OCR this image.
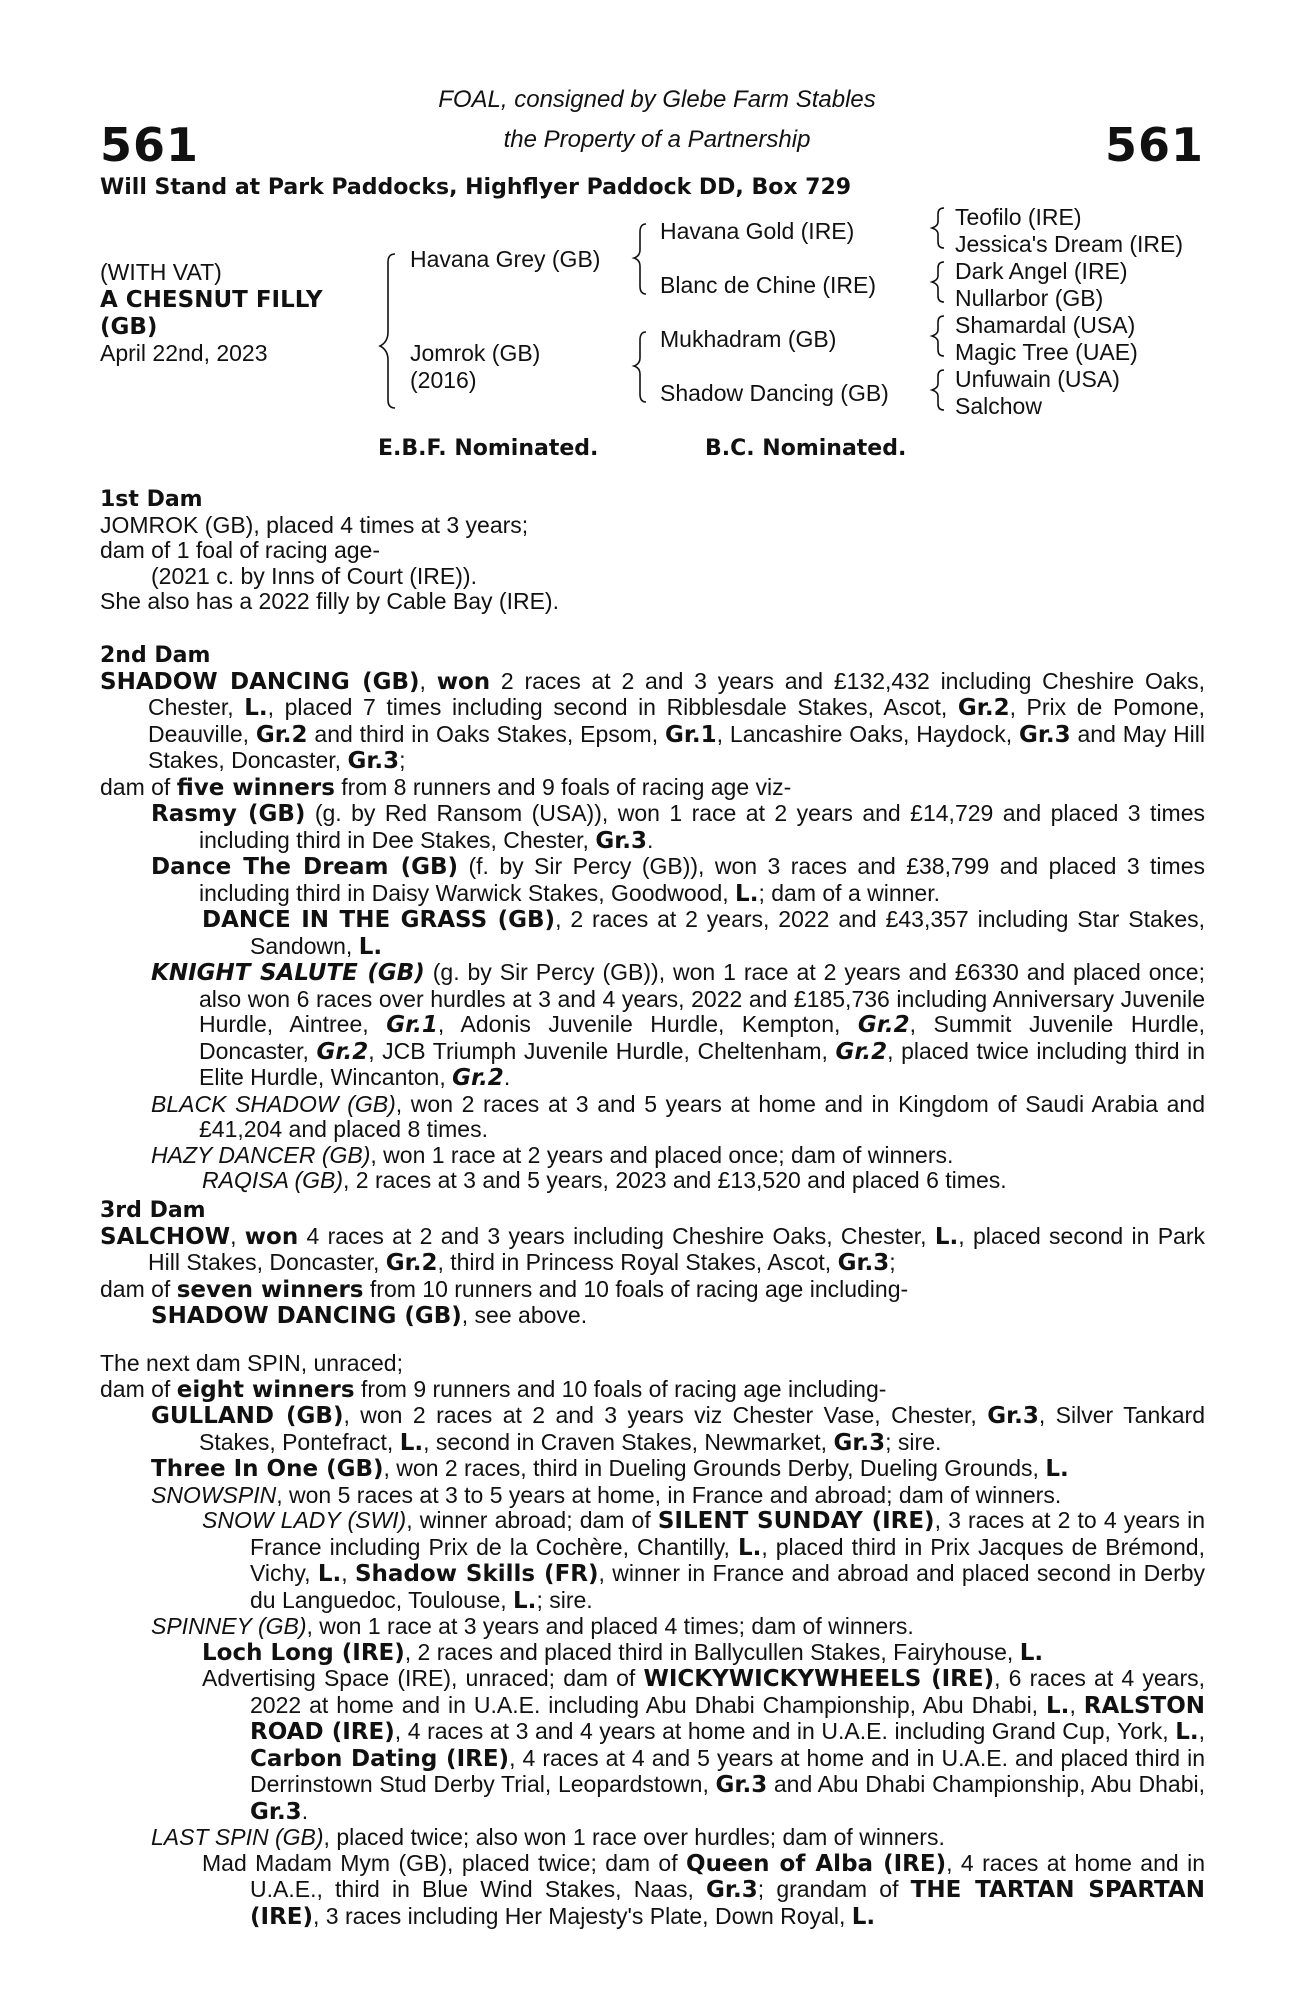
561	561
FOAL, consigned by Glebe Farm Stables
the Property of a Partnership
Will Stand at Park Paddocks, Highflyer Paddock DD, Box 729
(WITH VAT)
A CHESNUT FILLY
(GB)
April 22nd, 2023
Havana Grey (GB)
Jomrok (GB)
(2016)
Havana Gold (IRE)
Blanc de Chine (IRE)
Mukhadram (GB)
Shadow Dancing (GB)
Teofilo (IRE)
Jessica's Dream (IRE)
Dark Angel (IRE)
Nullarbor (GB)
Shamardal (USA)
Magic Tree (UAE)
Unfuwain (USA)
Salchow
E.B.F. Nominated.	B.C. Nominated.
1st Dam
JOMROK (GB), placed 4 times at 3 years;
dam of 1 foal of racing age-
(2021 c. by Inns of Court (IRE)).
She also has a 2022 filly by Cable Bay (IRE).
2nd Dam
SHADOW DANCING (GB), won 2 races at 2 and 3 years and £132,432 including Cheshire Oaks, Chester, L., placed 7 times including second in Ribblesdale Stakes, Ascot, Gr.2, Prix de Pomone, Deauville, Gr.2 and third in Oaks Stakes, Epsom, Gr.1, Lancashire Oaks, Haydock, Gr.3 and May Hill Stakes, Doncaster, Gr.3;
dam of five winners from 8 runners and 9 foals of racing age viz-
Rasmy (GB) (g. by Red Ransom (USA)), won 1 race at 2 years and £14,729 and placed 3 times including third in Dee Stakes, Chester, Gr.3.
Dance The Dream (GB) (f. by Sir Percy (GB)), won 3 races and £38,799 and placed 3 times including third in Daisy Warwick Stakes, Goodwood, L.; dam of a winner.
DANCE IN THE GRASS (GB), 2 races at 2 years, 2022 and £43,357 including Star Stakes, Sandown, L.
KNIGHT SALUTE (GB) (g. by Sir Percy (GB)), won 1 race at 2 years and £6330 and placed once; also won 6 races over hurdles at 3 and 4 years, 2022 and £185,736 including Anniversary Juvenile Hurdle, Aintree, Gr.1, Adonis Juvenile Hurdle, Kempton, Gr.2, Summit Juvenile Hurdle, Doncaster, Gr.2, JCB Triumph Juvenile Hurdle, Cheltenham, Gr.2, placed twice including third in Elite Hurdle, Wincanton, Gr.2.
BLACK SHADOW (GB), won 2 races at 3 and 5 years at home and in Kingdom of Saudi Arabia and £41,204 and placed 8 times.
HAZY DANCER (GB), won 1 race at 2 years and placed once; dam of winners.
RAQISA (GB), 2 races at 3 and 5 years, 2023 and £13,520 and placed 6 times.
3rd Dam
SALCHOW, won 4 races at 2 and 3 years including Cheshire Oaks, Chester, L., placed second in Park Hill Stakes, Doncaster, Gr.2, third in Princess Royal Stakes, Ascot, Gr.3;
dam of seven winners from 10 runners and 10 foals of racing age including-
SHADOW DANCING (GB), see above.
The next dam SPIN, unraced;
dam of eight winners from 9 runners and 10 foals of racing age including-
GULLAND (GB), won 2 races at 2 and 3 years viz Chester Vase, Chester, Gr.3, Silver Tankard Stakes, Pontefract, L., second in Craven Stakes, Newmarket, Gr.3; sire.
Three In One (GB), won 2 races, third in Dueling Grounds Derby, Dueling Grounds, L.
SNOWSPIN, won 5 races at 3 to 5 years at home, in France and abroad; dam of winners.
SNOW LADY (SWI), winner abroad; dam of SILENT SUNDAY (IRE), 3 races at 2 to 4 years in France including Prix de la Cochère, Chantilly, L., placed third in Prix Jacques de Brémond, Vichy, L., Shadow Skills (FR), winner in France and abroad and placed second in Derby du Languedoc, Toulouse, L.; sire.
SPINNEY (GB), won 1 race at 3 years and placed 4 times; dam of winners.
Loch Long (IRE), 2 races and placed third in Ballycullen Stakes, Fairyhouse, L.
Advertising Space (IRE), unraced; dam of WICKYWICKYWHEELS (IRE), 6 races at 4 years, 2022 at home and in U.A.E. including Abu Dhabi Championship, Abu Dhabi, L., RALSTON ROAD (IRE), 4 races at 3 and 4 years at home and in U.A.E. including Grand Cup, York, L., Carbon Dating (IRE), 4 races at 4 and 5 years at home and in U.A.E. and placed third in Derrinstown Stud Derby Trial, Leopardstown, Gr.3 and Abu Dhabi Championship, Abu Dhabi, Gr.3.
LAST SPIN (GB), placed twice; also won 1 race over hurdles; dam of winners.
Mad Madam Mym (GB), placed twice; dam of Queen of Alba (IRE), 4 races at home and in U.A.E., third in Blue Wind Stakes, Naas, Gr.3; grandam of THE TARTAN SPARTAN (IRE), 3 races including Her Majesty's Plate, Down Royal, L.
